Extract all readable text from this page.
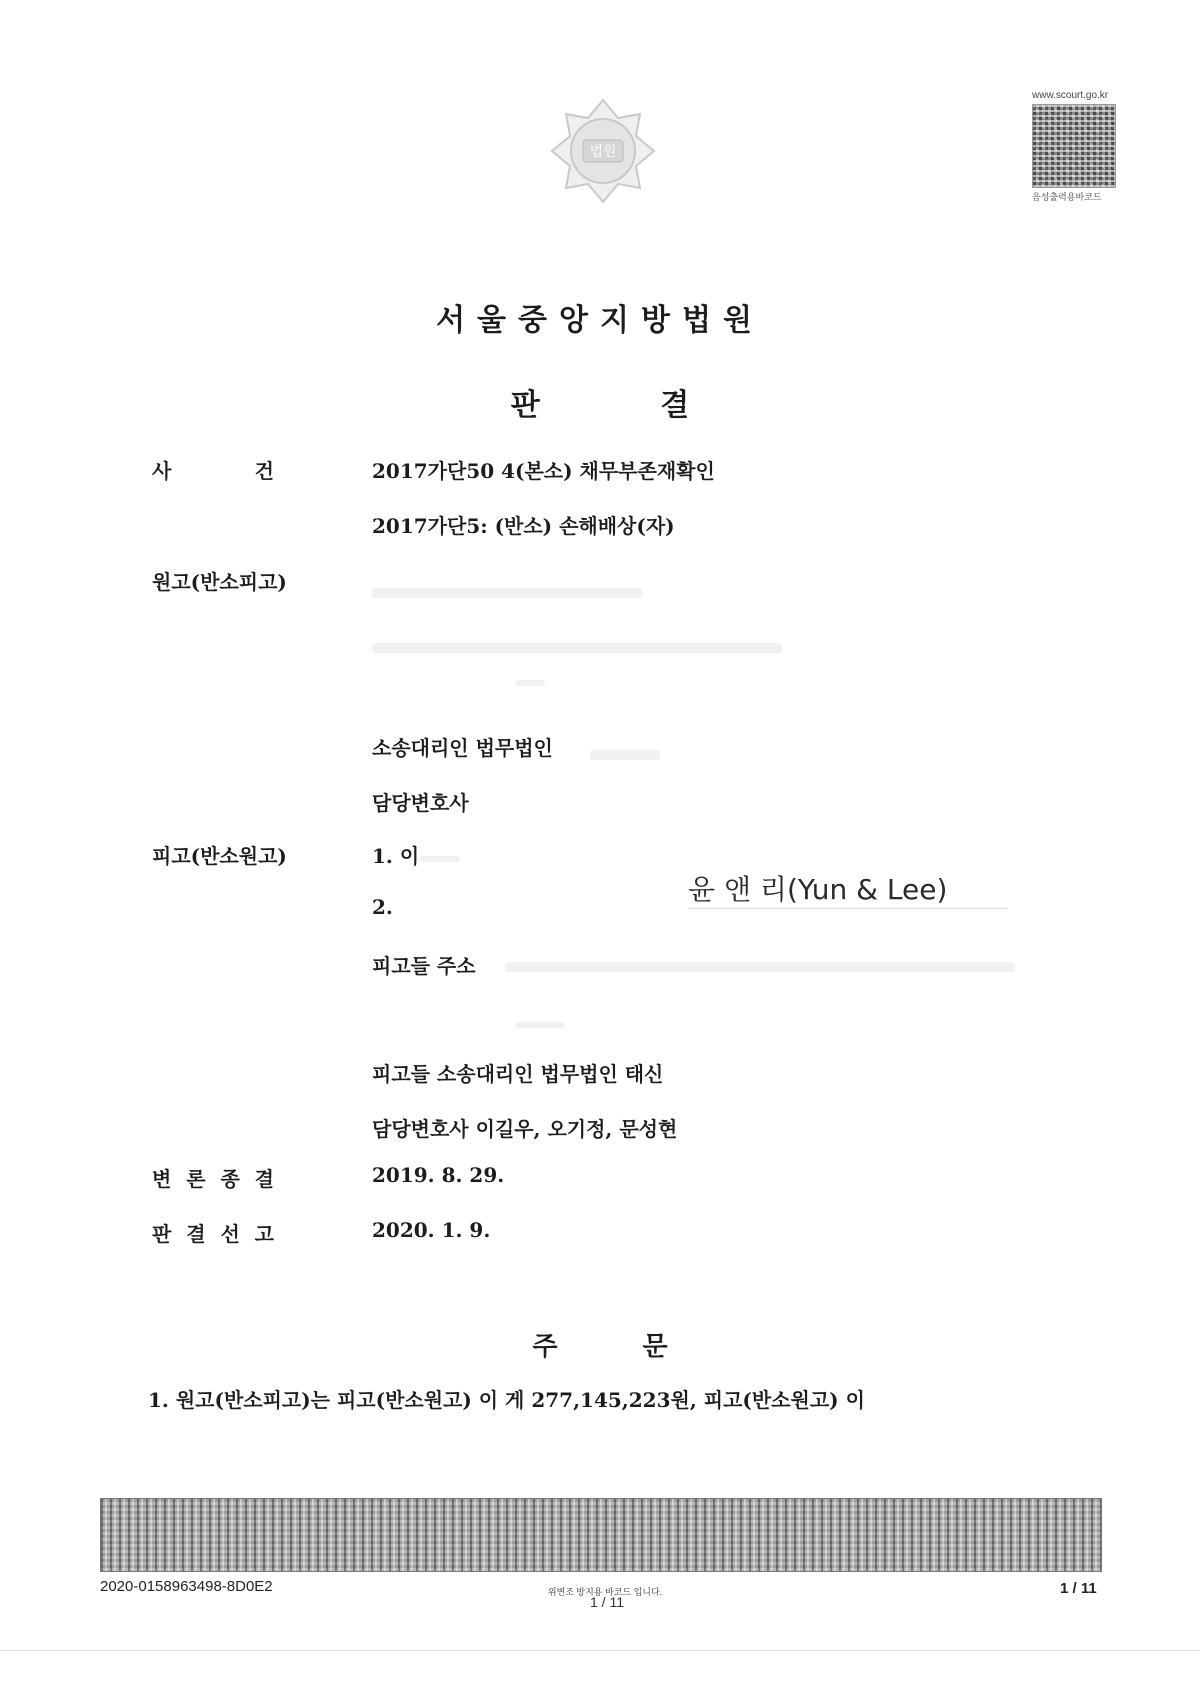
법원
www.scourt.go.kr
음성출력용바코드
서울중앙지방법원
판 결
사	건	2017가단50 4(본소) 채무부존재확인
2017가단5: (반소) 손해배상(자)
원고(반소피고)
소송대리인 법무법인
담당변호사
피고(반소원고)	1. 이
2.
윤 앤 리(Yun & Lee)
피고들 주소
피고들 소송대리인 법무법인 태신
담당변호사 이길우, 오기정, 문성현
변 론 종 결	2019. 8. 29.
판 결 선 고	2020. 1. 9.
주 문
1. 원고(반소피고)는 피고(반소원고) 이 게 277,145,223원, 피고(반소원고) 이
2020-0158963498-8D0E2	위변조 방지용 바코드 입니다.
1 / 11
1 / 11
